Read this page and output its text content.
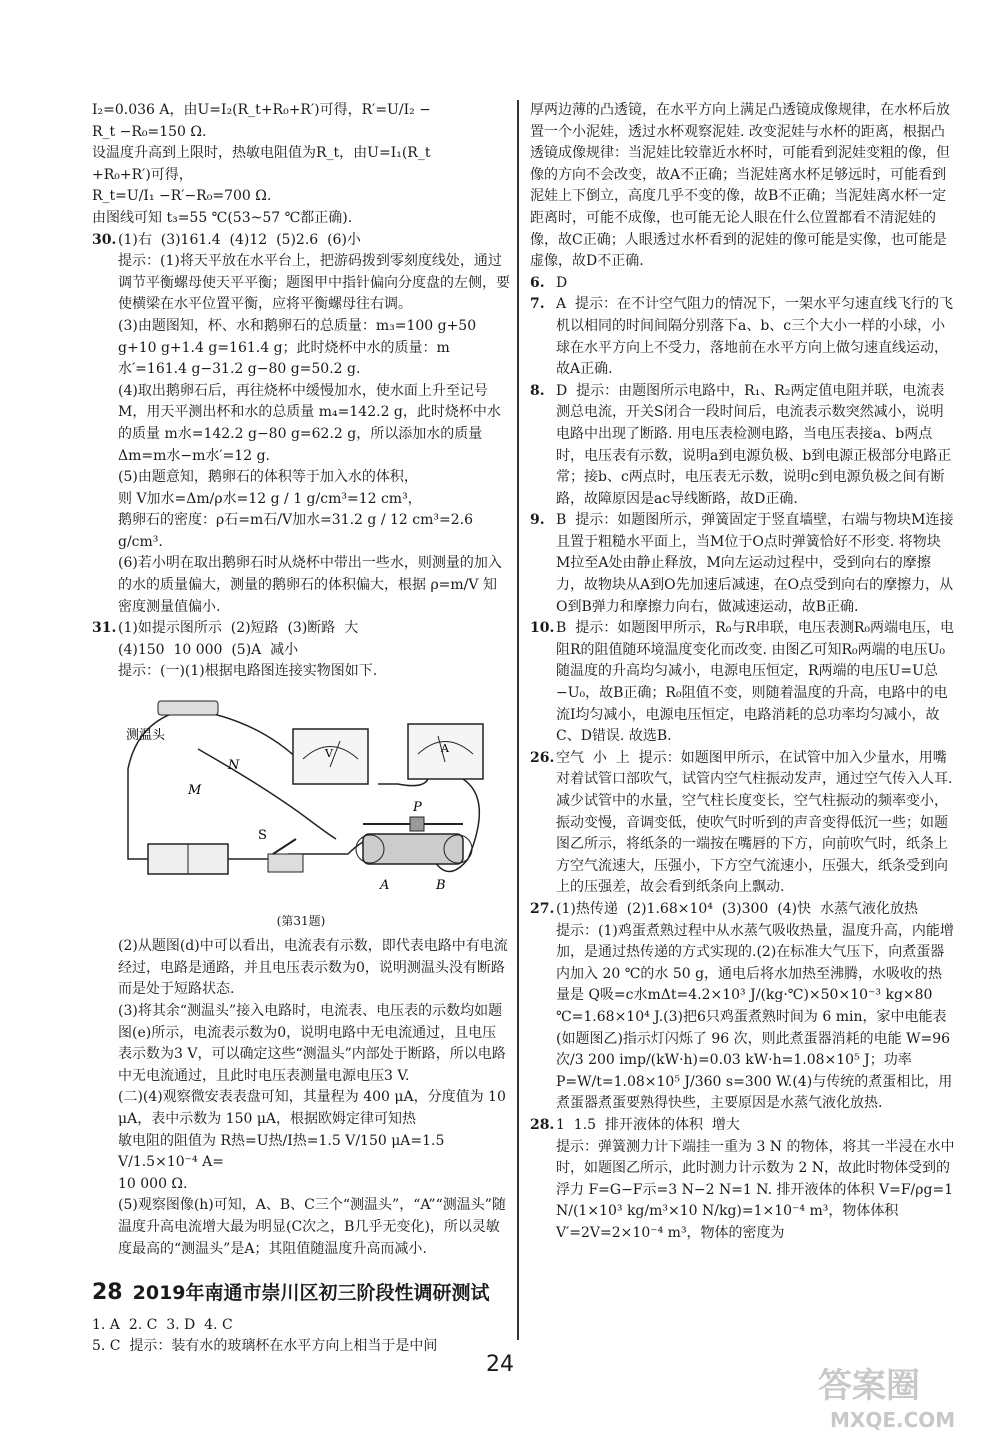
I₂=0.036 A，由U=I₂(R_t+R₀+R′)可得，R′=U/I₂ −

R_t −R₀=150 Ω.

设温度升高到上限时，热敏电阻值为R_t，由U=I₁(R_t

+R₀+R′)可得，

R_t=U/I₁ −R′−R₀=700 Ω.

由图线可知 t₃=55 ℃(53~57 ℃都正确).

30. (1)右  (3)161.4  (4)12  (5)2.6  (6)小

提示：(1)将天平放在水平台上，把游码拨到零刻度线处，通过调节平衡螺母使天平平衡；题图甲中指针偏向分度盘的左侧，要使横梁在水平位置平衡，应将平衡螺母往右调。

(3)由题图知，杯、水和鹅卵石的总质量：m₃=100 g+50 g+10 g+1.4 g=161.4 g；此时烧杯中水的质量：m水′=161.4 g−31.2 g−80 g=50.2 g.

(4)取出鹅卵石后，再往烧杯中缓慢加水，使水面上升至记号M，用天平测出杯和水的总质量 m₄=142.2 g，此时烧杯中水的质量 m水=142.2 g−80 g=62.2 g，所以添加水的质量 Δm=m水−m水′=12 g.

(5)由题意知，鹅卵石的体积等于加入水的体积，

则 V加水=Δm/ρ水=12 g / 1 g/cm³=12 cm³，

鹅卵石的密度：ρ石=m石/V加水=31.2 g / 12 cm³=2.6 g/cm³.

(6)若小明在取出鹅卵石时从烧杯中带出一些水，则测量的加入的水的质量偏大，测量的鹅卵石的体积偏大，根据 ρ=m/V 知密度测量值偏小.

31. (1)如提示图所示  (2)短路  (3)断路  大

(4)150  10 000  (5)A  减小

提示：(一)(1)根据电路图连接实物图如下.

测温头
N
M
V	A
S
P
A	B

(第31题)

(2)从题图(d)中可以看出，电流表有示数，即代表电路中有电流经过，电路是通路，并且电压表示数为0，说明测温头没有断路而是处于短路状态.

(3)将其余“测温头”接入电路时，电流表、电压表的示数均如题图(e)所示，电流表示数为0，说明电路中无电流通过，且电压表示数为3 V，可以确定这些“测温头”内部处于断路，所以电路中无电流通过，且此时电压表测量电源电压3 V.

(二)(4)观察微安表表盘可知，其量程为 400 μA，分度值为 10 μA，表中示数为 150 μA，根据欧姆定律可知热

敏电阻的阻值为 R热=U热/I热=1.5 V/150 μA=1.5 V/1.5×10⁻⁴ A=

10 000 Ω.

(5)观察图像(h)可知，A、B、C三个“测温头”，“A”“测温头”随温度升高电流增大最为明显(C次之，B几乎无变化)，所以灵敏度最高的“测温头”是A；其阻值随温度升高而减小.

28 2019年南通市崇川区初三阶段性调研测试

1. A  2. C  3. D  4. C

5. C  提示：装有水的玻璃杯在水平方向上相当于是中间

厚两边薄的凸透镜，在水平方向上满足凸透镜成像规律，在水杯后放置一个小泥娃，透过水杯观察泥娃. 改变泥娃与水杯的距离，根据凸透镜成像规律：当泥娃比较靠近水杯时，可能看到泥娃变粗的像，但像的方向不会改变，故A不正确；当泥娃离水杯足够远时，可能看到泥娃上下倒立，高度几乎不变的像，故B不正确；当泥娃离水杯一定距离时，可能不成像，也可能无论人眼在什么位置都看不清泥娃的像，故C正确；人眼透过水杯看到的泥娃的像可能是实像，也可能是虚像，故D不正确.

6. D

7. A  提示：在不计空气阻力的情况下，一架水平匀速直线飞行的飞机以相同的时间间隔分别落下a、b、c三个大小一样的小球，小球在水平方向上不受力，落地前在水平方向上做匀速直线运动，故A正确.

8. D  提示：由题图所示电路中，R₁、R₂两定值电阻并联，电流表测总电流，开关S闭合一段时间后，电流表示数突然减小，说明电路中出现了断路. 用电压表检测电路，当电压表接a、b两点时，电压表有示数，说明a到电源负极、b到电源正极部分电路正常；接b、c两点时，电压表无示数，说明c到电源负极之间有断路，故障原因是ac导线断路，故D正确.

9. B  提示：如题图所示，弹簧固定于竖直墙壁，右端与物块M连接且置于粗糙水平面上，当M位于O点时弹簧恰好不形变. 将物块M拉至A处由静止释放，M向左运动过程中，受到向右的摩擦力，故物块从A到O先加速后减速，在O点受到向右的摩擦力，从O到B弹力和摩擦力向右，做减速运动，故B正确.

10. B  提示：如题图甲所示，R₀与R串联，电压表测R₀两端电压，电阻R的阻值随环境温度变化而改变. 由图乙可知R₀两端的电压U₀随温度的升高均匀减小，电源电压恒定，R两端的电压U=U总−U₀，故B正确；R₀阻值不变，则随着温度的升高，电路中的电流I均匀减小，电源电压恒定，电路消耗的总功率均匀减小，故C、D错误. 故选B.

26. 空气  小  上  提示：如题图甲所示，在试管中加入少量水，用嘴对着试管口部吹气，试管内空气柱振动发声，通过空气传入人耳. 减少试管中的水量，空气柱长度变长，空气柱振动的频率变小，振动变慢，音调变低，使吹气时听到的声音变得低沉一些；如题图乙所示，将纸条的一端按在嘴唇的下方，向前吹气时，纸条上方空气流速大，压强小，下方空气流速小，压强大，纸条受到向上的压强差，故会看到纸条向上飘动.

27. (1)热传递  (2)1.68×10⁴  (3)300  (4)快  水蒸气液化放热
提示：(1)鸡蛋煮熟过程中从水蒸气吸收热量，温度升高，内能增加，是通过热传递的方式实现的.(2)在标准大气压下，向煮蛋器内加入 20 ℃的水 50 g，通电后将水加热至沸腾，水吸收的热量是 Q吸=c水mΔt=4.2×10³ J/(kg·℃)×50×10⁻³ kg×80 ℃=1.68×10⁴ J.(3)把6只鸡蛋煮熟时间为 6 min，家中电能表(如题图乙)指示灯闪烁了 96 次，则此煮蛋器消耗的电能 W=96次/3 200 imp/(kW·h)=0.03 kW·h=1.08×10⁵ J；功率P=W/t=1.08×10⁵ J/360 s=300 W.(4)与传统的煮蛋相比，用煮蛋器煮蛋要熟得快些，主要原因是水蒸气液化放热.

28. 1  1.5  排开液体的体积  增大
提示：弹簧测力计下端挂一重为 3 N 的物体，将其一半浸在水中时，如题图乙所示，此时测力计示数为 2 N，故此时物体受到的浮力 F=G−F示=3 N−2 N=1 N. 排开液体的体积 V=F/ρg=1 N/(1×10³ kg/m³×10 N/kg)=1×10⁻⁴ m³，物体体积 V′=2V=2×10⁻⁴ m³，物体的密度为

24
答案圈
MXQE.COM
